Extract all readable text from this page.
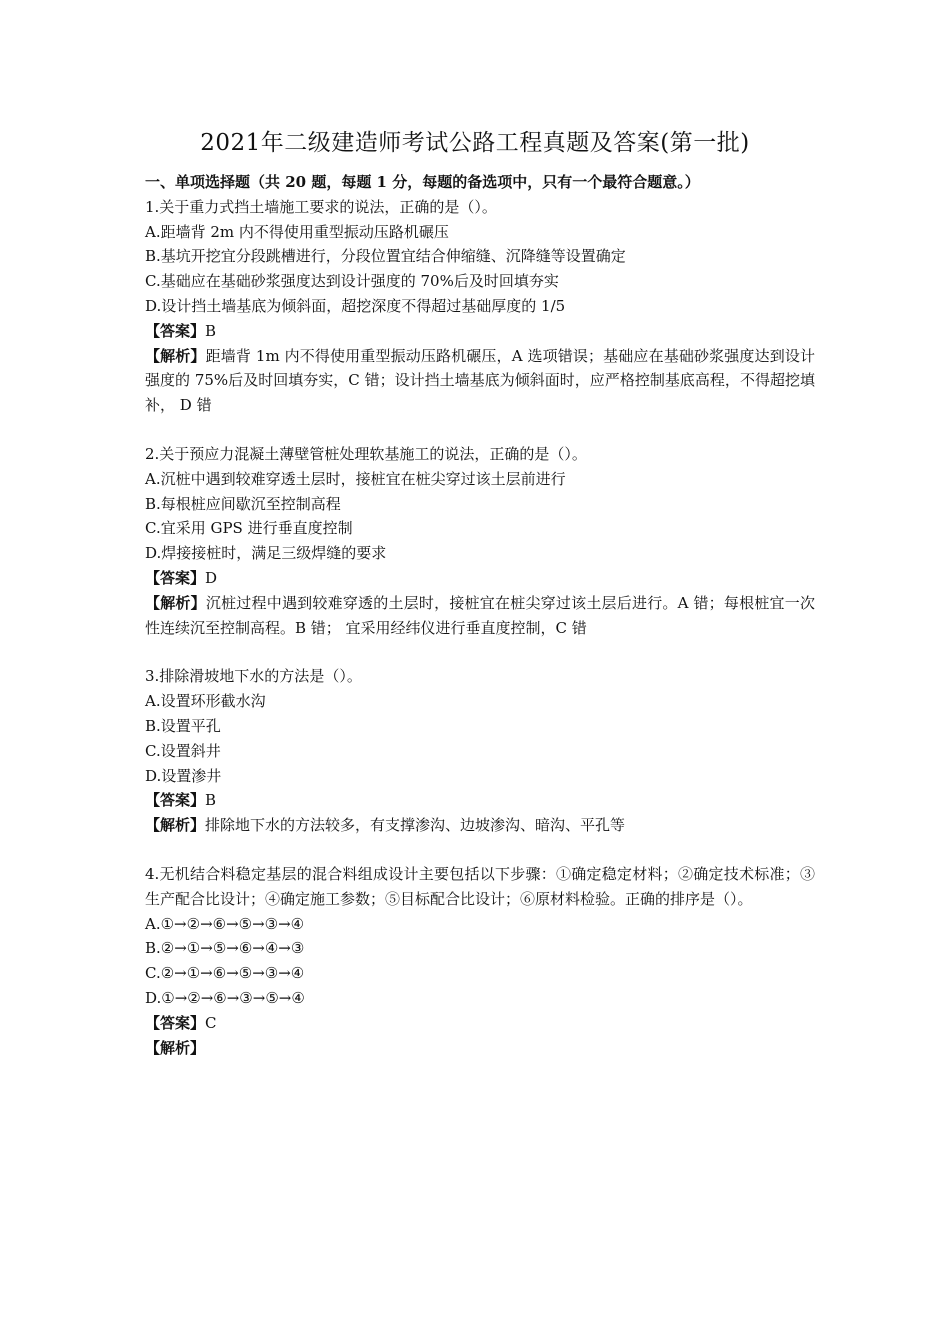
2021年二级建造师考试公路工程真题及答案(第一批)
一、单项选择题（共 20 题，每题 1 分，每题的备选项中，只有一个最符合题意。）
1.关于重力式挡土墙施工要求的说法，正确的是（）。
A.距墙背 2m 内不得使用重型振动压路机碾压
B.基坑开挖宜分段跳槽进行，分段位置宜结合伸缩缝、沉降缝等设置确定
C.基础应在基础砂浆强度达到设计强度的 70%后及时回填夯实
D.设计挡土墙基底为倾斜面，超挖深度不得超过基础厚度的 1/5
【答案】B
【解析】距墙背 1m 内不得使用重型振动压路机碾压，A 选项错误；基础应在基础砂浆强度达到设计强度的 75%后及时回填夯实，C 错；设计挡土墙基底为倾斜面时，应严格控制基底高程，不得超挖填补， D 错
2.关于预应力混凝土薄壁管桩处理软基施工的说法，正确的是（）。
A.沉桩中遇到较难穿透土层时，接桩宜在桩尖穿过该土层前进行
B.每根桩应间歇沉至控制高程
C.宜采用 GPS 进行垂直度控制
D.焊接接桩时，满足三级焊缝的要求
【答案】D
【解析】沉桩过程中遇到较难穿透的土层时，接桩宜在桩尖穿过该土层后进行。A 错；每根桩宜一次性连续沉至控制高程。B 错； 宜采用经纬仪进行垂直度控制，C 错
3.排除滑坡地下水的方法是（）。
A.设置环形截水沟
B.设置平孔
C.设置斜井
D.设置渗井
【答案】B
【解析】排除地下水的方法较多，有支撑渗沟、边坡渗沟、暗沟、平孔等
4.无机结合料稳定基层的混合料组成设计主要包括以下步骤：①确定稳定材料；②确定技术标准；③生产配合比设计；④确定施工参数；⑤目标配合比设计；⑥原材料检验。正确的排序是（）。
A.①→②→⑥→⑤→③→④
B.②→①→⑤→⑥→④→③
C.②→①→⑥→⑤→③→④
D.①→②→⑥→③→⑤→④
【答案】C
【解析】
